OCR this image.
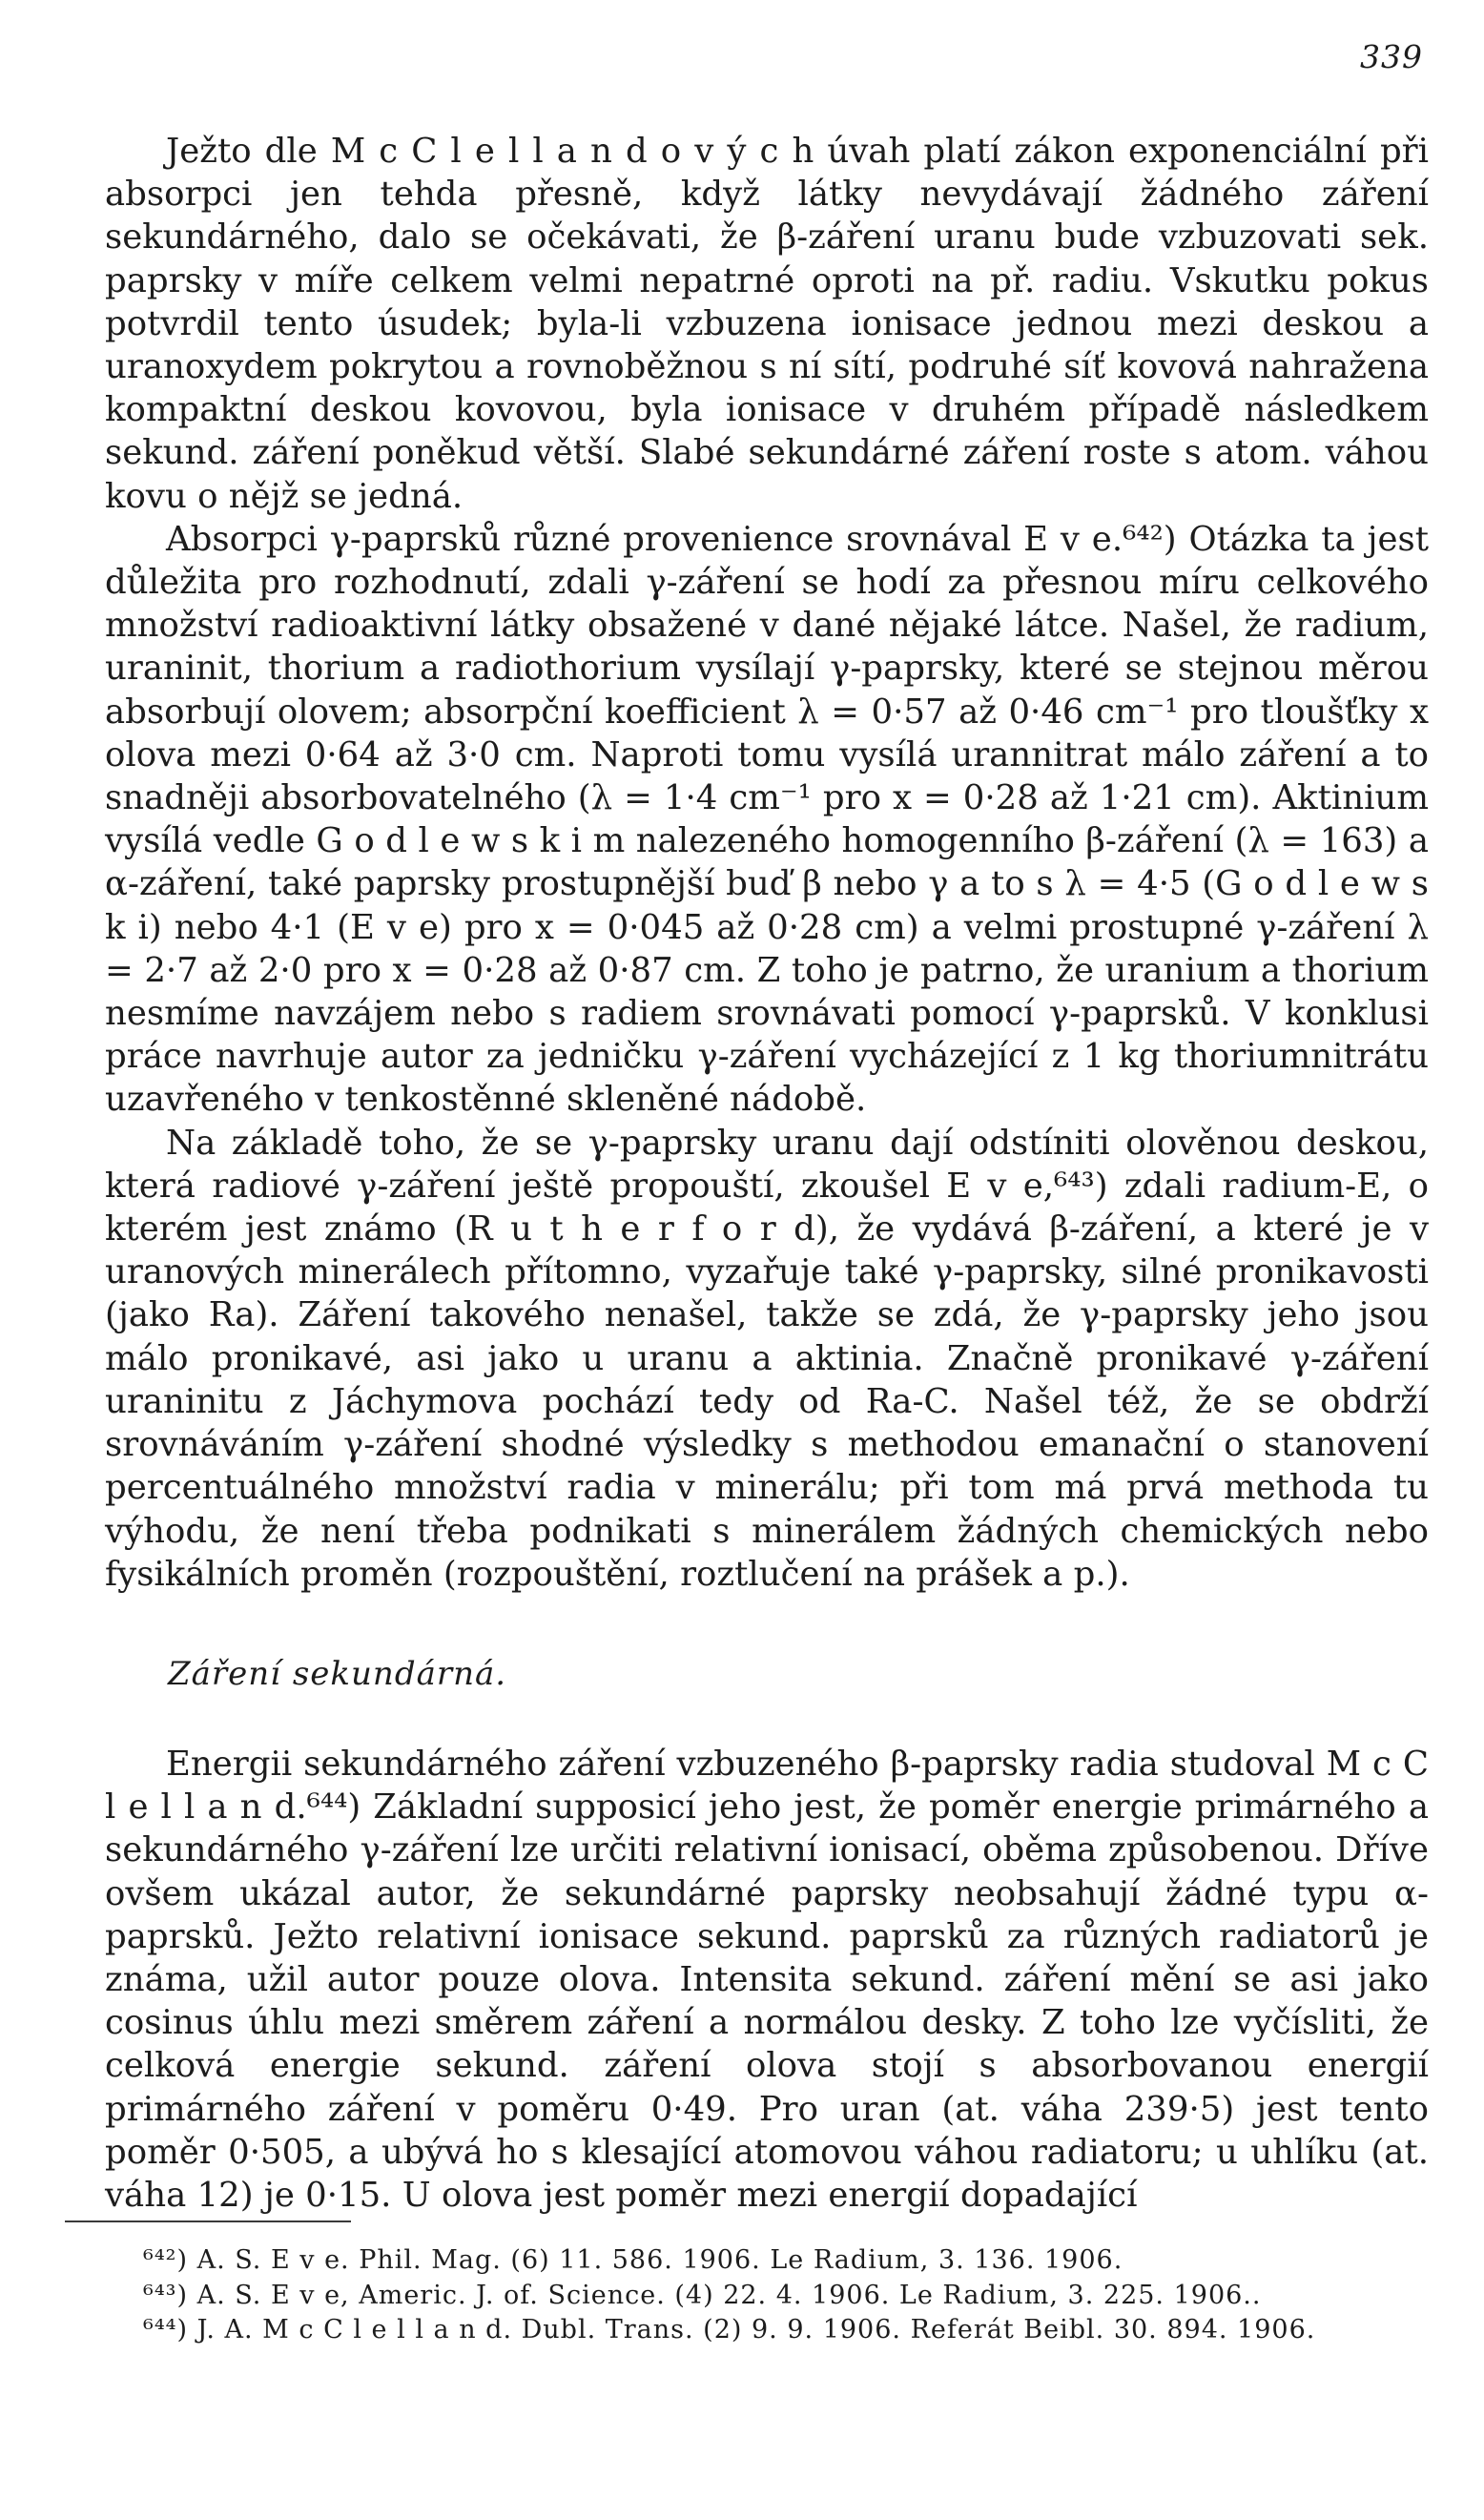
339

Ježto dle M c C l e l l a n d o v ý c h úvah platí zákon exponenciální při absorpci jen tehda přesně, když látky nevydávají žádného záření sekundárného, dalo se očekávati, že β-záření uranu bude vzbuzovati sek. paprsky v míře celkem velmi nepatrné oproti na př. radiu. Vskutku pokus potvrdil tento úsudek; byla-li vzbuzena ionisace jednou mezi deskou a uranoxydem pokrytou a rovnoběžnou s ní sítí, podruhé síť kovová nahražena kompaktní deskou kovovou, byla ionisace v druhém případě následkem sekund. záření poněkud větší. Slabé sekundárné záření roste s atom. váhou kovu o nějž se jedná.

Absorpci γ-paprsků různé provenience srovnával E v e.⁶⁴²) Otázka ta jest důležita pro rozhodnutí, zdali γ-záření se hodí za přesnou míru celkového množství radioaktivní látky obsažené v dané nějaké látce. Našel, že radium, uraninit, thorium a radiothorium vysílají γ-paprsky, které se stejnou měrou absorbují olovem; absorpční koefficient λ = 0·57 až 0·46 cm⁻¹ pro tloušťky x olova mezi 0·64 až 3·0 cm. Naproti tomu vysílá urannitrat málo záření a to snadněji absorbovatelného (λ = 1·4 cm⁻¹ pro x = 0·28 až 1·21 cm). Aktinium vysílá vedle G o d l e w s k i m nalezeného homogenního β-záření (λ = 163) a α-záření, také paprsky prostupnější buď β nebo γ a to s λ = 4·5 (G o d l e w s k i) nebo 4·1 (E v e) pro x = 0·045 až 0·28 cm) a velmi prostupné γ-záření λ = 2·7 až 2·0 pro x = 0·28 až 0·87 cm. Z toho je patrno, že uranium a thorium nesmíme navzájem nebo s radiem srovnávati pomocí γ-paprsků. V konklusi práce navrhuje autor za jedničku γ-záření vycházející z 1 kg thoriumnitrátu uzavřeného v tenkostěnné skleněné nádobě.

Na základě toho, že se γ-paprsky uranu dají odstíniti olověnou deskou, která radiové γ-záření ještě propouští, zkoušel E v e,⁶⁴³) zdali radium-E, o kterém jest známo (R u t h e r f o r d), že vydává β-záření, a které je v uranových minerálech přítomno, vyzařuje také γ-paprsky, silné pronikavosti (jako Ra). Záření takového nenašel, takže se zdá, že γ-paprsky jeho jsou málo pronikavé, asi jako u uranu a aktinia. Značně pronikavé γ-záření uraninitu z Jáchymova pochází tedy od Ra-C. Našel též, že se obdrží srovnáváním γ-záření shodné výsledky s methodou emanační o stanovení percentuálného množství radia v minerálu; při tom má prvá methoda tu výhodu, že není třeba podnikati s minerálem žádných chemických nebo fysikálních proměn (rozpouštění, roztlučení na prášek a p.).

Záření sekundárná.

Energii sekundárného záření vzbuzeného β-paprsky radia studoval M c C l e l l a n d.⁶⁴⁴) Základní supposicí jeho jest, že poměr energie primárného a sekundárného γ-záření lze určiti relativní ionisací, oběma způsobenou. Dříve ovšem ukázal autor, že sekundárné paprsky neobsahují žádné typu α-paprsků. Ježto relativní ionisace sekund. paprsků za různých radiatorů je známa, užil autor pouze olova. Intensita sekund. záření mění se asi jako cosinus úhlu mezi směrem záření a normálou desky. Z toho lze vyčísliti, že celková energie sekund. záření olova stojí s absorbovanou energií primárného záření v poměru 0·49. Pro uran (at. váha 239·5) jest tento poměr 0·505, a ubývá ho s klesající atomovou váhou radiatoru; u uhlíku (at. váha 12) je 0·15. U olova jest poměr mezi energií dopadající

⁶⁴²) A. S. E v e. Phil. Mag. (6) 11. 586. 1906. Le Radium, 3. 136. 1906.

⁶⁴³) A. S. E v e, Americ. J. of. Science. (4) 22. 4. 1906. Le Radium, 3. 225. 1906..

⁶⁴⁴) J. A. M c C l e l l a n d. Dubl. Trans. (2) 9. 9. 1906. Referát Beibl. 30. 894. 1906.
